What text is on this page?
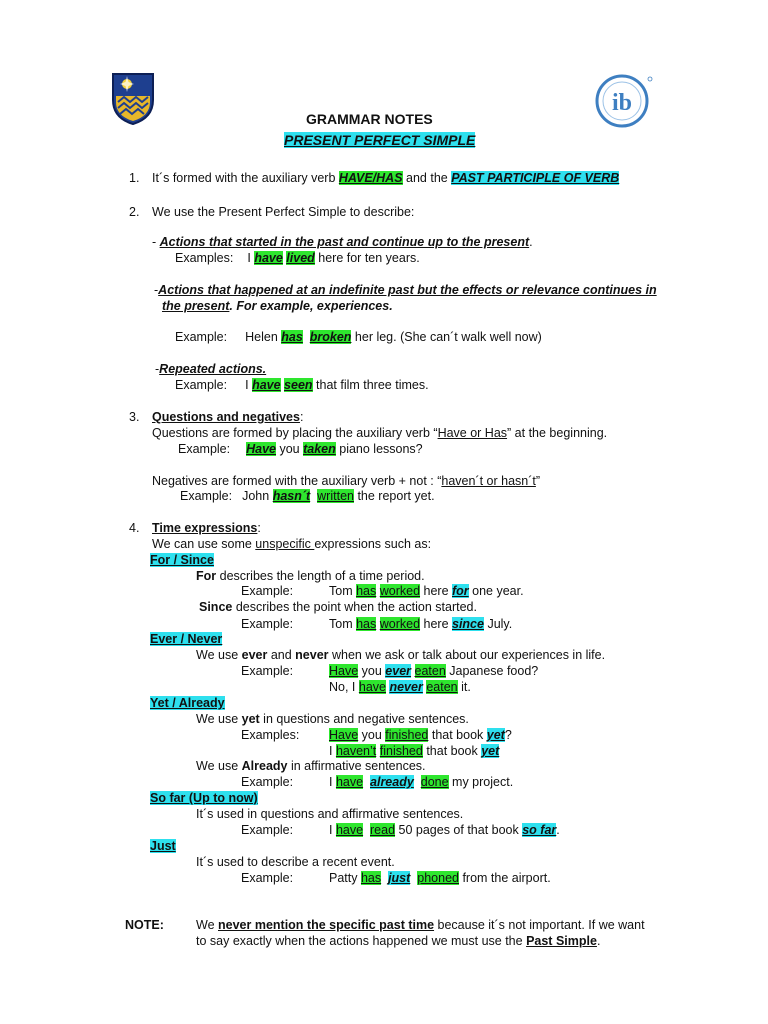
ib
GRAMMAR NOTES
PRESENT PERFECT SIMPLE
1. It´s formed with the auxiliary verb HAVE/HAS and the PAST PARTICIPLE OF VERB
2. We use the Present Perfect Simple to describe:
- Actions that started in the past and continue up to the present.
Examples: I have lived here for ten years.
-Actions that happened at an indefinite past but the effects or relevance continues in
the present. For example, experiences.
Example: Helen has broken her leg. (She can´t walk well now)
-Repeated actions.
Example: I have seen that film three times.
3. Questions and negatives:
Questions are formed by placing the auxiliary verb “Have or Has” at the beginning.
Example: Have you taken piano lessons?
Negatives are formed with the auxiliary verb + not : “haven´t or hasn´t”
Example: John hasn´t written the report yet.
4. Time expressions:
We can use some unspecific expressions such as:
For / Since
For describes the length of a time period.
Example:	Tom has worked here for one year.
Since describes the point when the action started.
Example:	Tom has worked here since July.
Ever / Never
We use ever and never when we ask or talk about our experiences in life.
Example:	Have you ever eaten Japanese food?
No, I have never eaten it.
Yet / Already
We use yet in questions and negative sentences.
Examples: Have you finished that book yet?
I haven’t finished that book yet
We use Already in affirmative sentences.
Example:	I have already done my project.
So far (Up to now)
It´s used in questions and affirmative sentences.
Example:	I have read 50 pages of that book so far.
Just
It´s used to describe a recent event.
Example:	Patty has just phoned from the airport.
NOTE:	We never mention the specific past time because it´s not important. If we want
to say exactly when the actions happened we must use the Past Simple.
